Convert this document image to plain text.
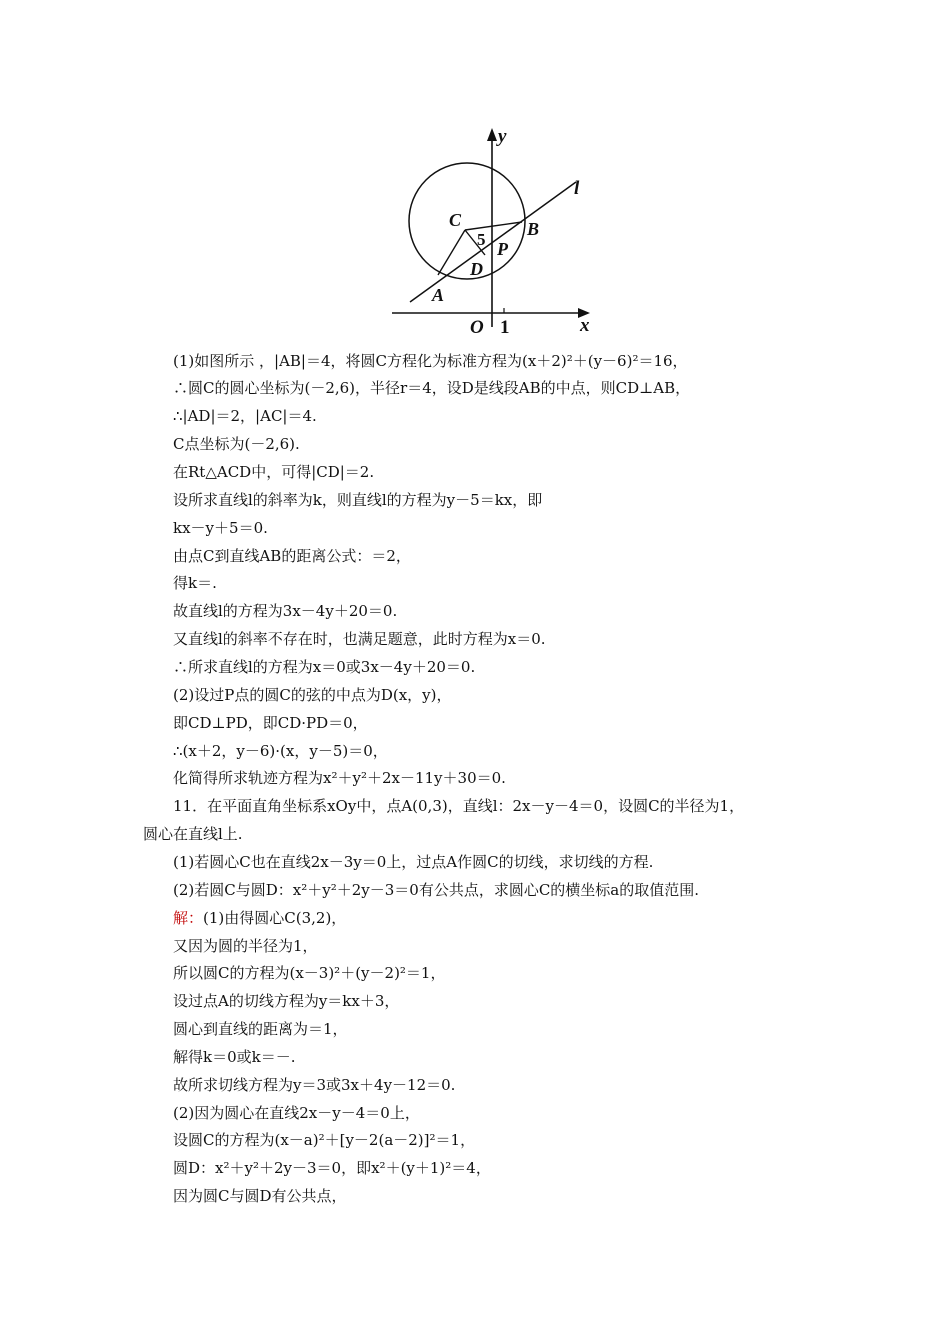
y
l
C	B
5 P
D
A
O 1	x
(1)如图所示 ，|AB|＝4，将圆C方程化为标准方程为(x＋2)²＋(y－6)²＝16，
∴圆C的圆心坐标为(－2,6)，半径r＝4，设D是线段AB的中点，则CD⊥AB，
∴|AD|＝2，|AC|＝4.
C点坐标为(－2,6).
在Rt△ACD中，可得|CD|＝2.
设所求直线l的斜率为k，则直线l的方程为y－5＝kx，即
kx－y＋5＝0.
由点C到直线AB的距离公式：＝2，
得k＝.
故直线l的方程为3x－4y＋20＝0.
又直线l的斜率不存在时，也满足题意，此时方程为x＝0.
∴所求直线l的方程为x＝0或3x－4y＋20＝0.
(2)设过P点的圆C的弦的中点为D(x，y)，
即CD⊥PD，即CD·PD＝0，
∴(x＋2，y－6)·(x，y－5)＝0，
化简得所求轨迹方程为x²＋y²＋2x－11y＋30＝0.
11．在平面直角坐标系xOy中，点A(0,3)，直线l：2x－y－4＝0，设圆C的半径为1，
圆心在直线l上.
(1)若圆心C也在直线2x－3y＝0上，过点A作圆C的切线，求切线的方程.
(2)若圆C与圆D：x²＋y²＋2y－3＝0有公共点，求圆心C的横坐标a的取值范围.
解：(1)由得圆心C(3,2)，
又因为圆的半径为1，
所以圆C的方程为(x－3)²＋(y－2)²＝1，
设过点A的切线方程为y＝kx＋3，
圆心到直线的距离为＝1，
解得k＝0或k＝－.
故所求切线方程为y＝3或3x＋4y－12＝0.
(2)因为圆心在直线2x－y－4＝0上，
设圆C的方程为(x－a)²＋[y－2(a－2)]²＝1，
圆D：x²＋y²＋2y－3＝0，即x²＋(y＋1)²＝4，
因为圆C与圆D有公共点，
